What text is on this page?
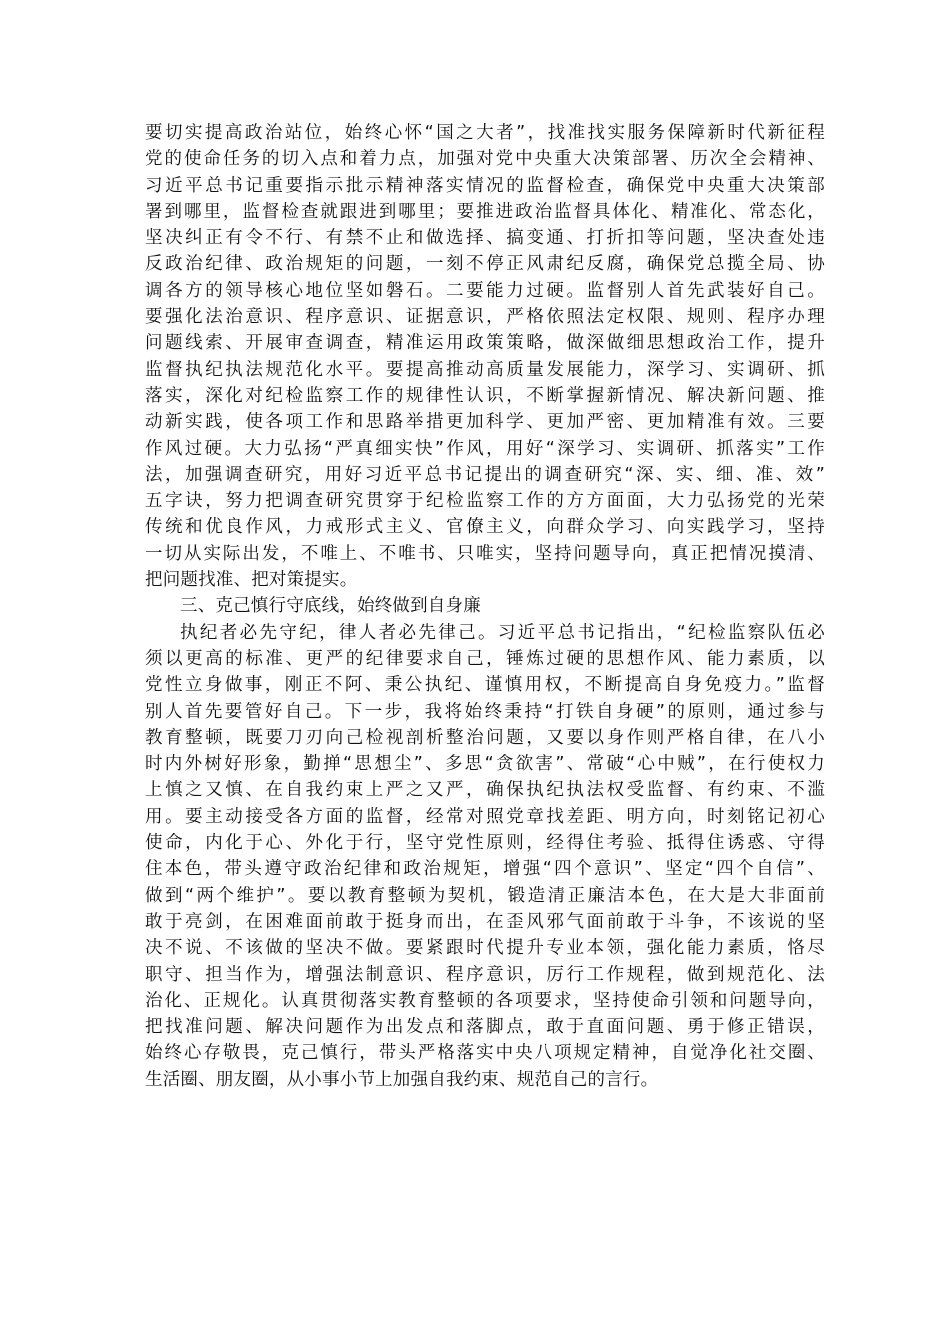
要切实提高政治站位，始终心怀“国之大者”，找准找实服务保障新时代新征程
党的使命任务的切入点和着力点，加强对党中央重大决策部署、历次全会精神、
习近平总书记重要指示批示精神落实情况的监督检查，确保党中央重大决策部
署到哪里，监督检查就跟进到哪里；要推进政治监督具体化、精准化、常态化，
坚决纠正有令不行、有禁不止和做选择、搞变通、打折扣等问题，坚决查处违
反政治纪律、政治规矩的问题，一刻不停正风肃纪反腐，确保党总揽全局、协
调各方的领导核心地位坚如磐石。二要能力过硬。监督别人首先武装好自己。
要强化法治意识、程序意识、证据意识，严格依照法定权限、规则、程序办理
问题线索、开展审查调查，精准运用政策策略，做深做细思想政治工作，提升
监督执纪执法规范化水平。要提高推动高质量发展能力，深学习、实调研、抓
落实，深化对纪检监察工作的规律性认识，不断掌握新情况、解决新问题、推
动新实践，使各项工作和思路举措更加科学、更加严密、更加精准有效。三要
作风过硬。大力弘扬“严真细实快”作风，用好“深学习、实调研、抓落实”工作
法，加强调查研究，用好习近平总书记提出的调查研究“深、实、细、准、效”
五字诀，努力把调查研究贯穿于纪检监察工作的方方面面，大力弘扬党的光荣
传统和优良作风，力戒形式主义、官僚主义，向群众学习、向实践学习，坚持
一切从实际出发，不唯上、不唯书、只唯实，坚持问题导向，真正把情况摸清、
把问题找准、把对策提实。
三、克己慎行守底线，始终做到自身廉
执纪者必先守纪，律人者必先律己。习近平总书记指出，“纪检监察队伍必
须以更高的标准、更严的纪律要求自己，锤炼过硬的思想作风、能力素质，以
党性立身做事，刚正不阿、秉公执纪、谨慎用权，不断提高自身免疫力。”监督
别人首先要管好自己。下一步，我将始终秉持“打铁自身硬”的原则，通过参与
教育整顿，既要刀刃向己检视剖析整治问题，又要以身作则严格自律，在八小
时内外树好形象，勤掸“思想尘”、多思“贪欲害”、常破“心中贼”，在行使权力
上慎之又慎、在自我约束上严之又严，确保执纪执法权受监督、有约束、不滥
用。要主动接受各方面的监督，经常对照党章找差距、明方向，时刻铭记初心
使命，内化于心、外化于行，坚守党性原则，经得住考验、抵得住诱惑、守得
住本色，带头遵守政治纪律和政治规矩，增强“四个意识”、坚定“四个自信”、
做到“两个维护”。要以教育整顿为契机，锻造清正廉洁本色，在大是大非面前
敢于亮剑，在困难面前敢于挺身而出，在歪风邪气面前敢于斗争，不该说的坚
决不说、不该做的坚决不做。要紧跟时代提升专业本领，强化能力素质，恪尽
职守、担当作为，增强法制意识、程序意识，厉行工作规程，做到规范化、法
治化、正规化。认真贯彻落实教育整顿的各项要求，坚持使命引领和问题导向，
把找准问题、解决问题作为出发点和落脚点，敢于直面问题、勇于修正错误，
始终心存敬畏，克己慎行，带头严格落实中央八项规定精神，自觉净化社交圈、
生活圈、朋友圈，从小事小节上加强自我约束、规范自己的言行。
